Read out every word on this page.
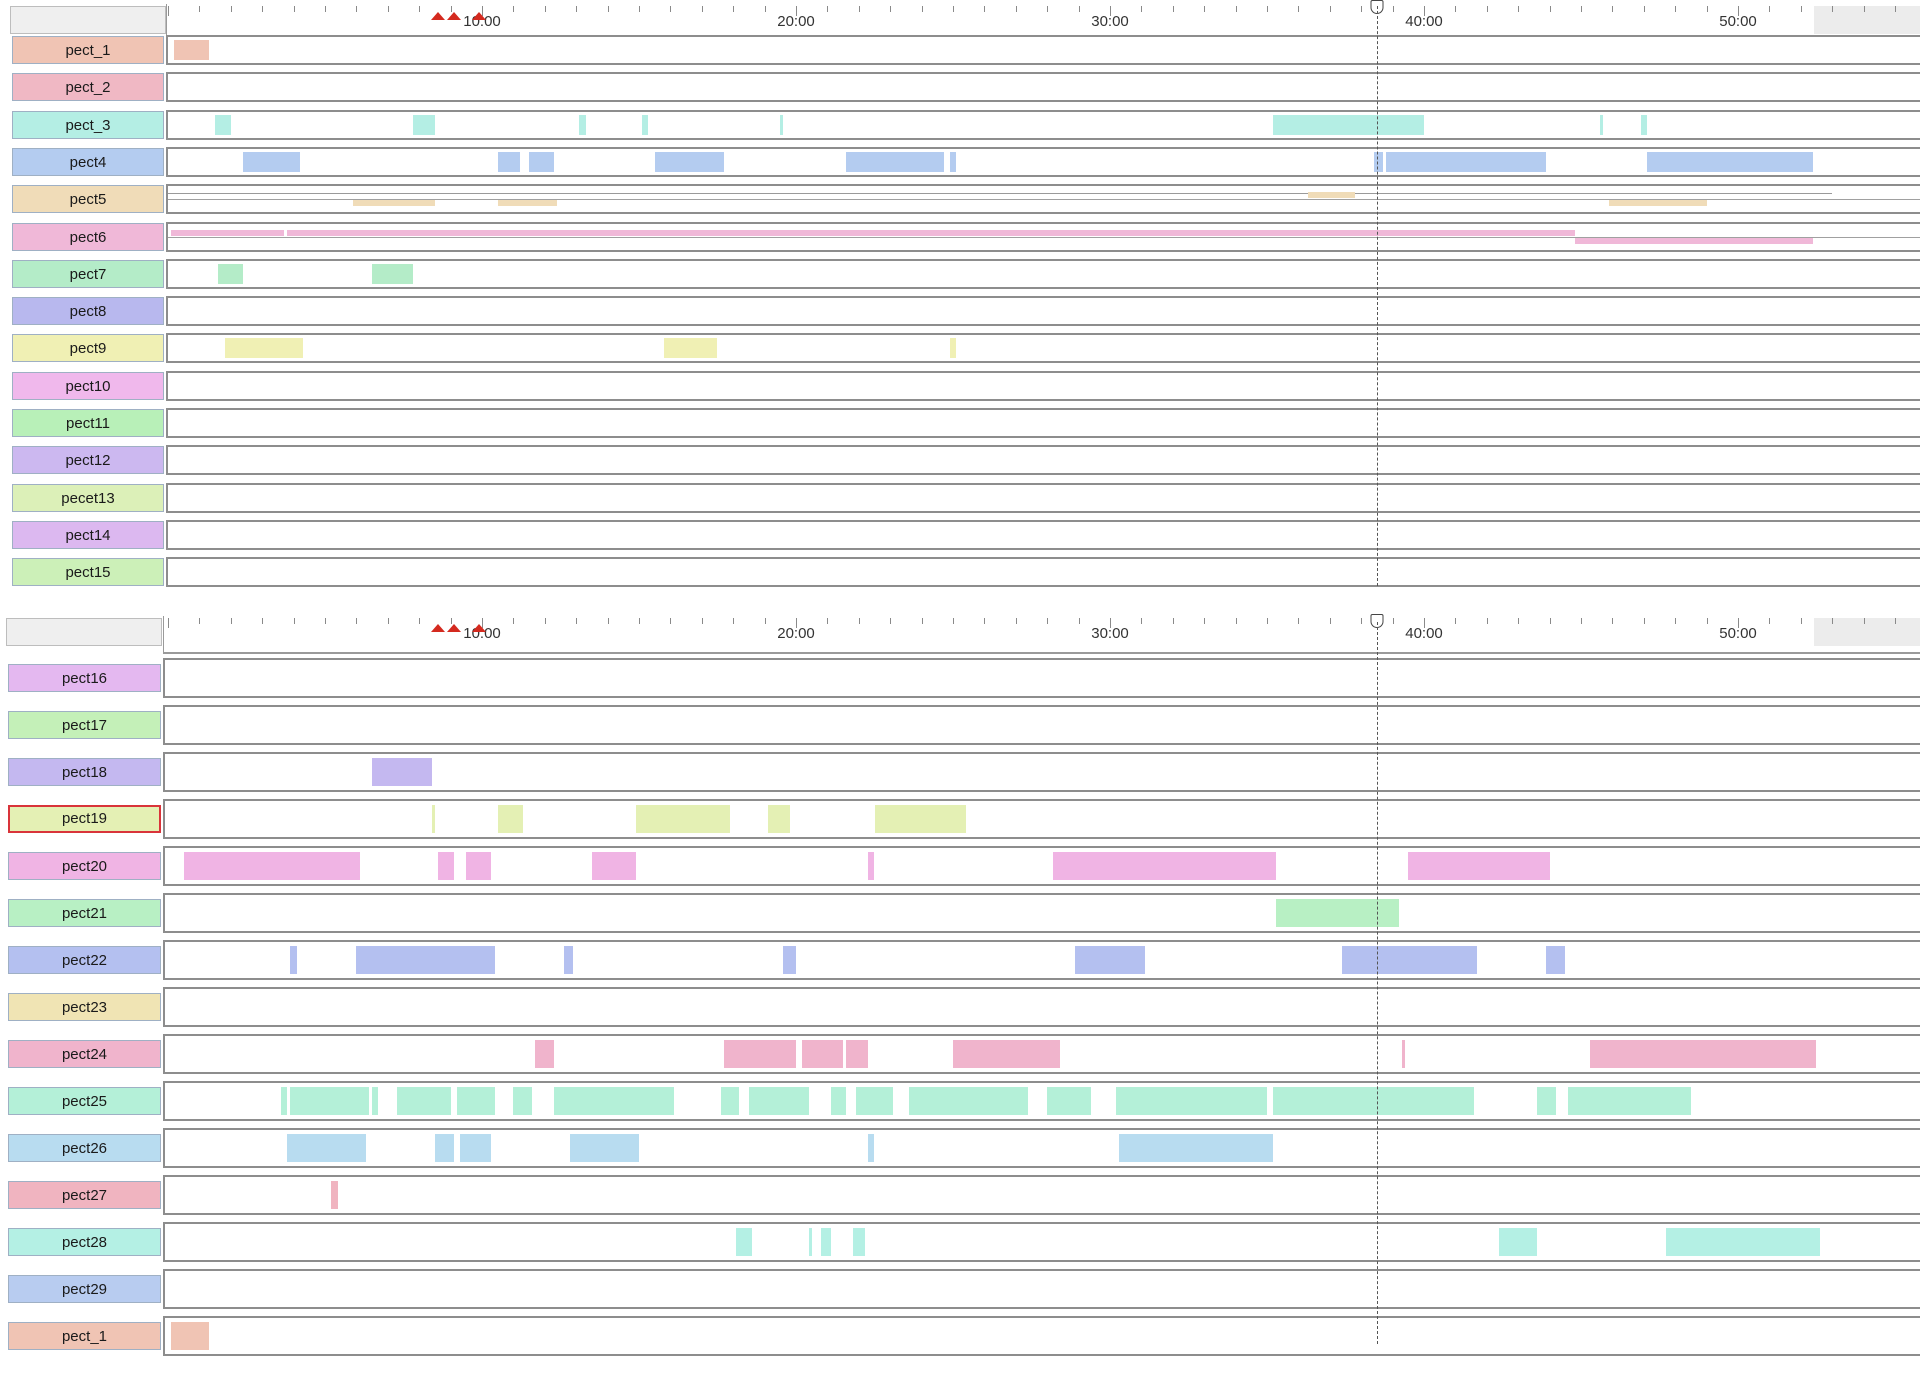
10:00	20:00	30:00	40:00	50:00
pect_1
pect_2
pect_3
pect4
pect5
pect6
pect7
pect8
pect9
pect10
pect11
pect12
pecet13
pect14
pect15
10:00	20:00	30:00	40:00	50:00
pect16
pect17
pect18
pect19
pect20
pect21
pect22
pect23
pect24
pect25
pect26
pect27
pect28
pect29
pect_1
